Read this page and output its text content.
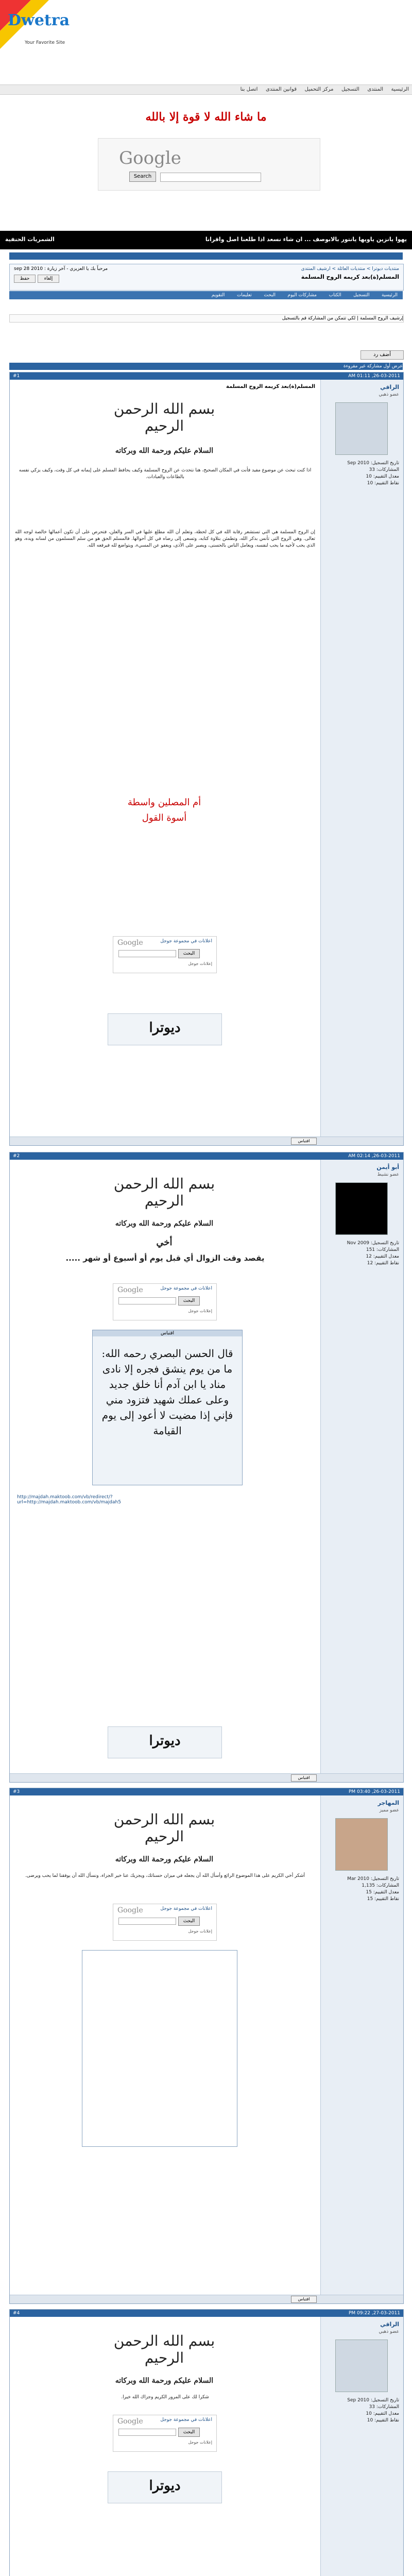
Dwetra
Your Favorite Site
الرئيسية المنتدى التسجيل مركز التحميل قوانين المنتدى اتصل بنا
ما شاء الله لا قوة إلا بالله
Google
Search
يهوا يانزين ياويها يانتور بالابوصف ... ان شاء نسعد اذا طلعنا اصل واقرانا
الشمريات الحنفية
منتديات ديوترا > منتديات العائلة > ارشيف المنتدى
المسلم(ة)بعد كريمه الروح المسلمة
مرحباً بك يا العزيزي - آخر زيارة : 2010 sep 28
حفظ	إلغاء
الرئيسية التسجيل الكتاب مشاركات اليوم البحث تعليمات التقويم
إرشيف الروح المسلمة | لكي تتمكن من المشاركة قم بالتسجيل
أضف رد
عرض أول مشاركة غير مقروءة
#1	26-03-2011, 01:11 AM
الراقي
عضو ذهبي
تاريخ التسجيل: Sep 2010
المشاركات: 33
معدل التقييم: 10
نقاط التقييم: 10
المسلم(ة)بعد كريمه الروح المسلمة
بسم الله الرحمن الرحيم
السلام عليكم ورحمة الله وبركاته
اذا كنت تبحث عن موضوع مفيد فأنت في المكان الصحيح، هنا نتحدث عن الروح المسلمة وكيف يحافظ المسلم على إيمانه في كل وقت، وكيف يزكي نفسه بالطاعات والعبادات.
إن الروح المسلمة هي التي تستشعر رقابة الله في كل لحظة، وتعلم أن الله مطلع عليها في السر والعلن، فتحرص على أن تكون أعمالها خالصة لوجه الله تعالى. وهي الروح التي تأنس بذكر الله، وتطمئن بتلاوة كتابه، وتسعى إلى رضاه في كل أحوالها. فالمسلم الحق هو من سلم المسلمون من لسانه ويده، وهو الذي يحب لأخيه ما يحب لنفسه، ويعامل الناس بالحسنى، ويصبر على الأذى، ويعفو عن المسيء، ويتواضع لله فيرفعه الله.
أم المصلين واسطة
أسوة القول
Google	اعلانات في مجموعة جوجل
البحث
إعلانات جوجل
ديوترا
اقتباس
#2	26-03-2011, 02:14 AM
أبو أيمن
عضو نشيط
تاريخ التسجيل: Nov 2009
المشاركات: 151
معدل التقييم: 12
نقاط التقييم: 12
بسم الله الرحمن الرحيم
السلام عليكم ورحمة الله وبركاته
أخي
يقصد وقت الزوال أي قبل يوم أو أسبوع أو شهر .....
Google	اعلانات في مجموعة جوجل
البحث
إعلانات جوجل
اقتباس
قال الحسن البصري رحمه الله: ما من يوم ينشق فجره إلا نادى مناد يا ابن آدم أنا خلق جديد وعلى عملك شهيد فتزود مني فإني إذا مضيت لا أعود إلى يوم القيامة
http://majdah.maktoob.com/vb/redirect/?url=http://majdah.maktoob.com/vb/majdah5
ديوترا
اقتباس
#3	26-03-2011, 03:40 PM
المهاجر
عضو مميز
تاريخ التسجيل: Mar 2010
المشاركات: 1,135
معدل التقييم: 15
نقاط التقييم: 15
بسم الله الرحمن الرحيم
السلام عليكم ورحمة الله وبركاته
أشكر أخي الكريم على هذا الموضوع الرائع وأسأل الله أن يجعله في ميزان حسناتك، ويجزيك عنا خير الجزاء، ونسأل الله أن يوفقنا لما يحب ويرضى.
Google	اعلانات في مجموعة جوجل
البحث
إعلانات جوجل
اقتباس
#4	27-03-2011, 09:22 PM
الراقي
عضو ذهبي
تاريخ التسجيل: Sep 2010
المشاركات: 33
معدل التقييم: 10
نقاط التقييم: 10
بسم الله الرحمن الرحيم
السلام عليكم ورحمة الله وبركاته
شكرا لك على المرور الكريم وجزاك الله خيرا.
Google	اعلانات في مجموعة جوجل
البحث
إعلانات جوجل
ديوترا
